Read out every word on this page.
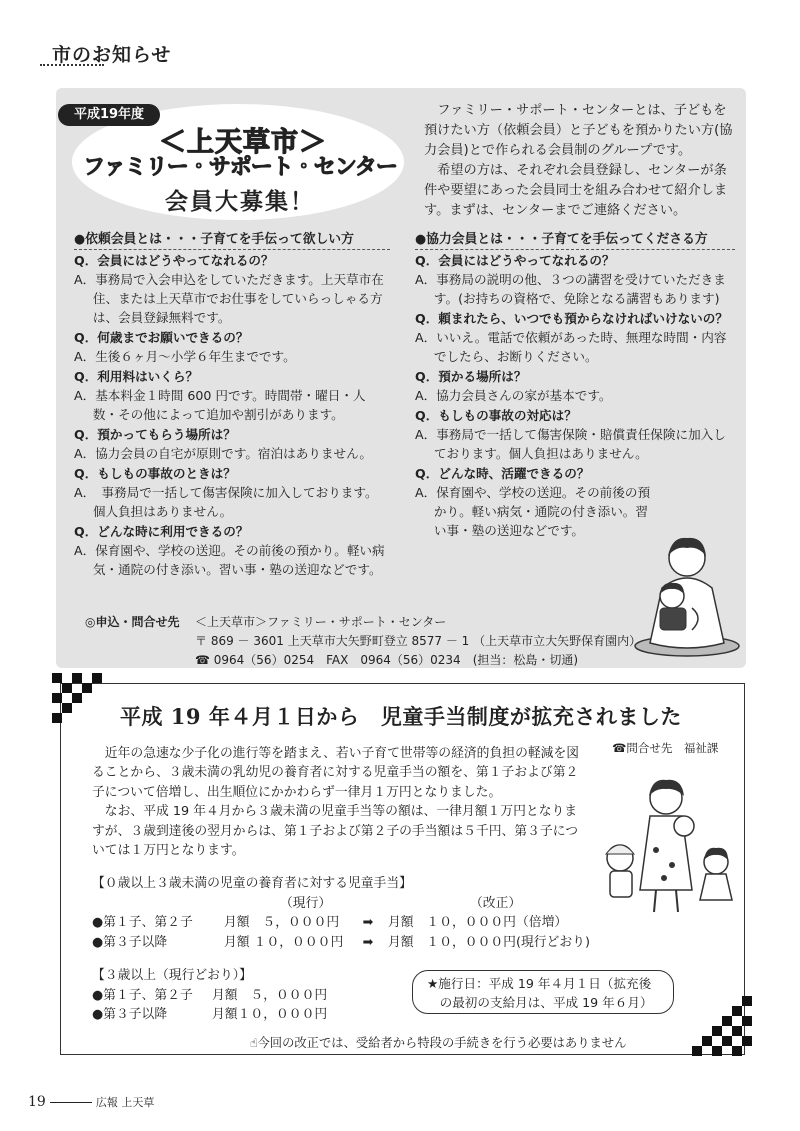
市のお知らせ
平成19年度
＜上天草市＞
ファミリー・サポート・センター
会員大募集！

ファミリー・サポート・センターとは、子どもを預けたい方（依頼会員）と子どもを預かりたい方(協力会員)とで作られる会員制のグループです。

希望の方は、それぞれ会員登録し、センターが条件や要望にあった会員同士を組み合わせて紹介します。まずは、センターまでご連絡ください。

●依頼会員とは・・・子育てを手伝って欲しい方
Q．会員にはどうやってなれるの？
A．事務局で入会申込をしていただきます。上天草市在住、または上天草市でお仕事をしていらっしゃる方は、会員登録無料です。
Q．何歳までお願いできるの？
A．生後６ヶ月～小学６年生までです。
Q．利用料はいくら？
A．基本料金１時間 600 円です。時間帯・曜日・人数・その他によって追加や割引があります。
Q．預かってもらう場所は？
A．協力会員の自宅が原則です。宿泊はありません。
Q．もしもの事故のときは？
A．　事務局で一括して傷害保険に加入しております。個人負担はありません。
Q．どんな時に利用できるの？
A．保育園や、学校の送迎。その前後の預かり。軽い病気・通院の付き添い。習い事・塾の送迎などです。
●協力会員とは・・・子育てを手伝ってくださる方
Q．会員にはどうやってなれるの？
A．事務局の説明の他、３つの講習を受けていただきます。(お持ちの資格で、免除となる講習もあります)
Q．頼まれたら、いつでも預からなければいけないの？
A．いいえ。電話で依頼があった時、無理な時間・内容でしたら、お断りください。
Q．預かる場所は？
A．協力会員さんの家が基本です。
Q．もしもの事故の対応は？
A．事務局で一括して傷害保険・賠償責任保険に加入しております。個人負担はありません。
Q．どんな時、活躍できるの？
A．保育園や、学校の送迎。その前後の預かり。軽い病気・通院の付き添い。習い事・塾の送迎などです。
◎申込・問合せ先 ＜上天草市＞ファミリー・サポート・センター
〒 869 － 3601 上天草市大矢野町登立 8577 － 1 （上天草市立大矢野保育園内）
☎ 0964（56）0254　FAX　0964（56）0234　(担当：松島・切通)
平成 19 年４月１日から　児童手当制度が拡充されました
☎問合せ先　福祉課

近年の急速な少子化の進行等を踏まえ、若い子育て世帯等の経済的負担の軽減を図ることから、３歳未満の乳幼児の養育者に対する児童手当の額を、第１子および第２子について倍増し、出生順位にかかわらず一律月１万円となりました。

なお、平成 19 年４月から３歳未満の児童手当等の額は、一律月額１万円となりますが、３歳到達後の翌月からは、第１子および第２子の手当額は５千円、第３子については１万円となります。

【０歳以上３歳未満の児童の養育者に対する児童手当】
（現行）	（改正）
●第１子、第２子 月額　５，０００円 ➡ 月額　１０，０００円（倍増）
●第３子以降	月額 １０，０００円 ➡ 月額　１０，０００円(現行どおり)
【３歳以上（現行どおり）】
●第１子、第２子 月額　５，０００円
●第３子以降	月額１０，０００円
★施行日：平成 19 年４月１日（拡充後
の最初の支給月は、平成 19 年６月）
☝今回の改正では、受給者から特段の手続きを行う必要はありません
19	広報 上天草
